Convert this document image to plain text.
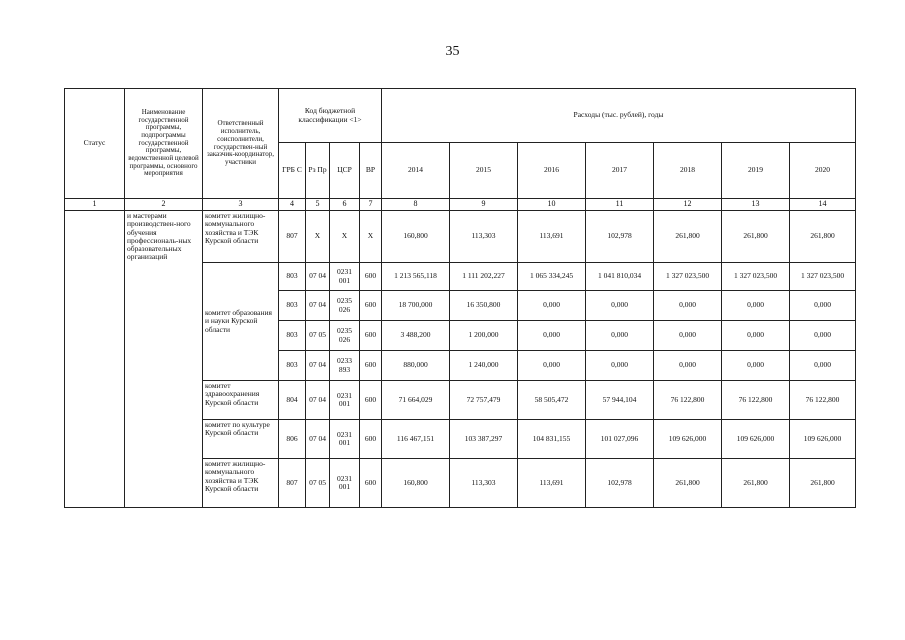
35
Статус	Наименование государственной программы, подпрограммы государственной программы, ведомственной целевой программы, основного мероприятия	Ответственный исполнитель, соисполнители, государствен-ный заказчик-координатор, участники	Код бюджетной классификации <1>				Расходы (тыс. рублей), годы						
			ГРБ С	Рз Пр	ЦСР	ВР	2014	2015	2016	2017	2018	2019	2020
1	2	3	4	5	6	7	8	9	10	11	12	13	14
	и мастерами производствен-ного обучения профессиональ-ных образовательных организаций	комитет жилищно-коммунального хозяйства и ТЭК Курской области	807	X	X	X	160,800	113,303	113,691	102,978	261,800	261,800	261,800
		комитет образования и науки Курской области	803	07 04	0231 001	600	1 213 565,118	1 111 202,227	1 065 334,245	1 041 810,034	1 327 023,500	1 327 023,500	1 327 023,500
			803	07 04	0235 026	600	18 700,000	16 350,800	0,000	0,000	0,000	0,000	0,000
			803	07 05	0235 026	600	3 488,200	1 200,000	0,000	0,000	0,000	0,000	0,000
			803	07 04	0233 893	600	880,000	1 240,000	0,000	0,000	0,000	0,000	0,000
		комитет здравоохранения Курской области	804	07 04	0231 001	600	71 664,029	72 757,479	58 505,472	57 944,104	76 122,800	76 122,800	76 122,800
		комитет по культуре Курской области	806	07 04	0231 001	600	116 467,151	103 387,297	104 831,155	101 027,096	109 626,000	109 626,000	109 626,000
		комитет жилищно-коммунального хозяйства и ТЭК Курской области	807	07 05	0231 001	600	160,800	113,303	113,691	102,978	261,800	261,800	261,800
